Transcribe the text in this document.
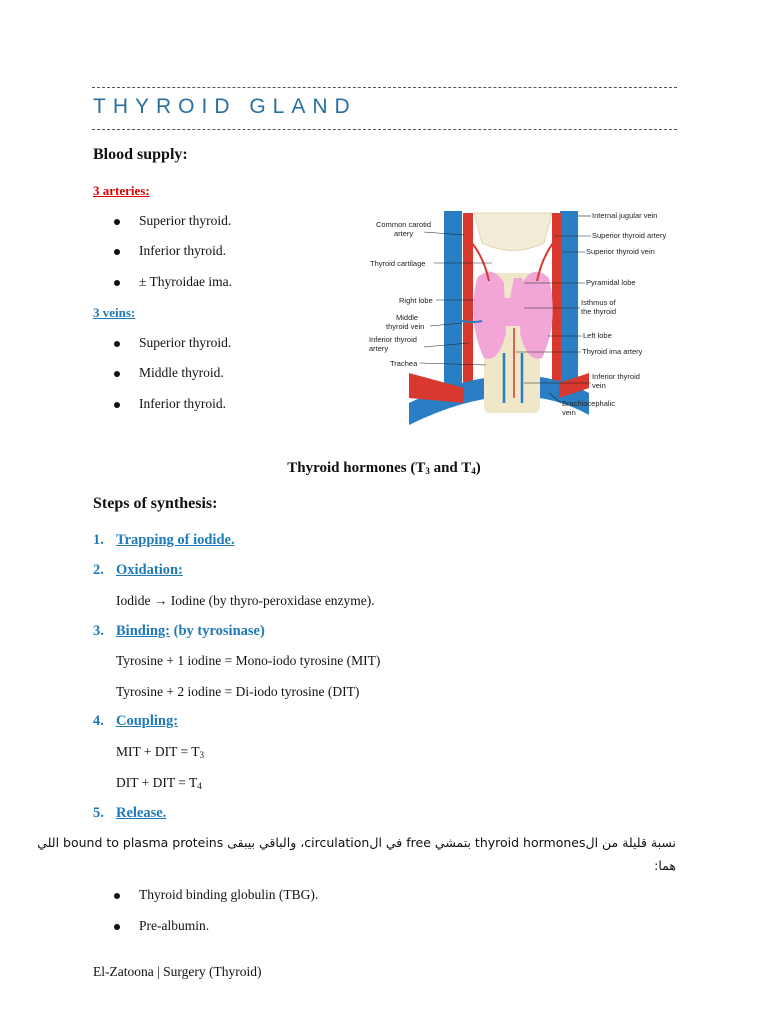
THYROID GLAND
Blood supply:
3 arteries:
Superior thyroid.
Inferior thyroid.
± Thyroidae ima.
3 veins:
Superior thyroid.
Middle thyroid.
Inferior thyroid.
Common carotid
artery
Thyroid cartilage
Right lobe
Middle
thyroid vein
Inferior thyroid
artery
Trachea
Internal jugular vein
Superior thyroid artery
Superior thyroid vein
Pyramidal lobe
Isthmus of
the thyroid
Left lobe
Thyroid ima artery
Inferior thyroid
vein
Brachiocephalic
vein
Thyroid hormones ($T_3$ and $T_4$)
Steps of synthesis:
1. Trapping of iodide.
2. Oxidation:
Iodide → Iodine (by thyro-peroxidase enzyme).
3. Binding: (by tyrosinase)
Tyrosine + 1 iodine = Mono-iodo tyrosine (MIT)
Tyrosine + 2 iodine = Di-iodo tyrosine (DIT)
4. Coupling:
MIT + DIT = $T_3$
DIT + DIT = $T_4$
5. Release.
نسبة قليلة من الthyroid hormones بتمشي free في الcirculation، والباقي بيبقى bound to plasma proteins اللي
هما:
Thyroid binding globulin (TBG).
Pre-albumin.
El-Zatoona | Surgery (Thyroid)
